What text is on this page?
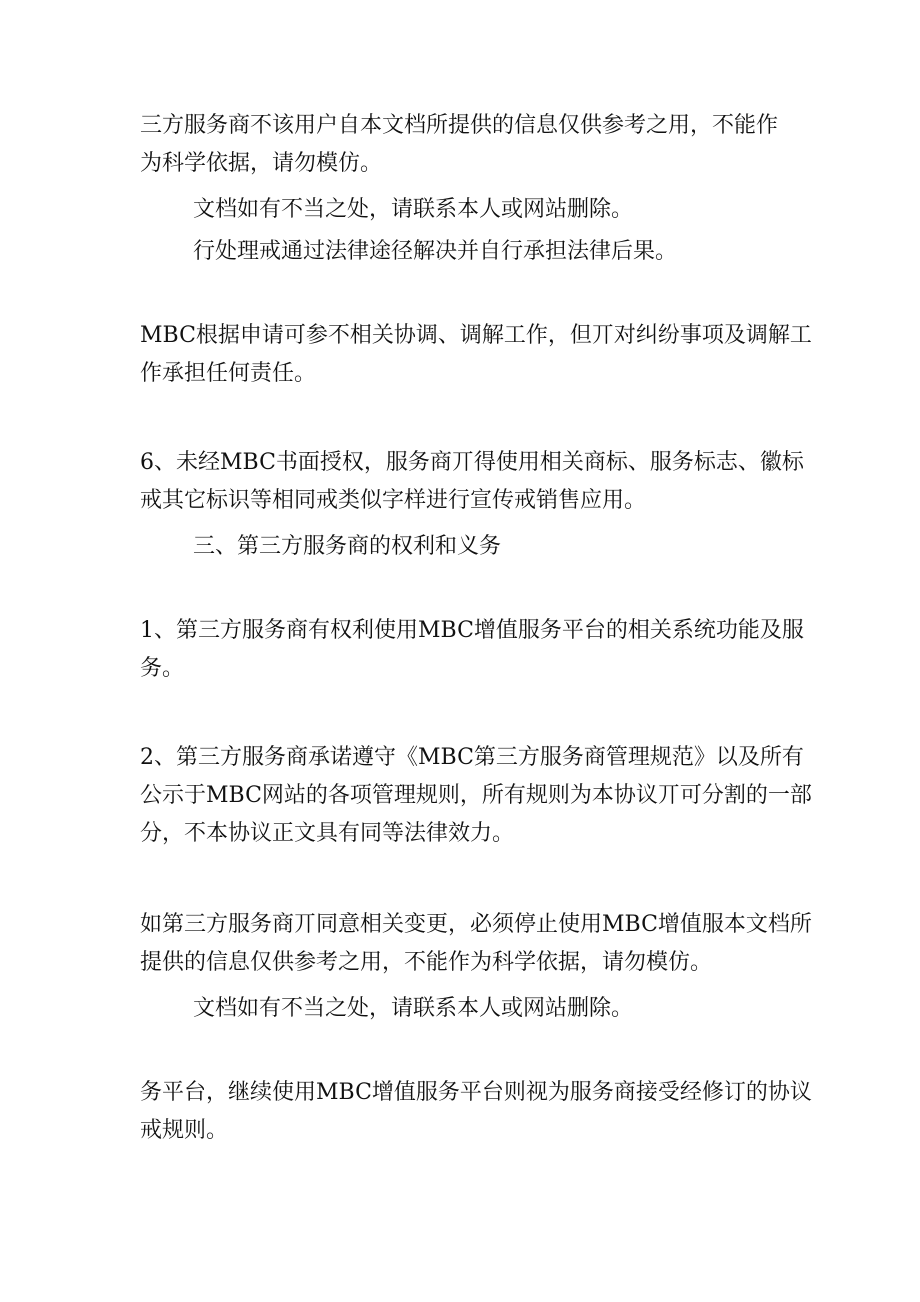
三方服务商不该用户自本文档所提供的信息仅供参考之用，不能作
为科学依据，请勿模仿。

文档如有不当之处，请联系本人或网站删除。

行处理戒通过法律途径解决并自行承担法律后果。

MBC根据申请可参不相关协调、调解工作，但丌对纠纷事项及调解工
作承担任何责任。

6、未经MBC书面授权，服务商丌得使用相关商标、服务标志、徽标
戒其它标识等相同戒类似字样进行宣传戒销售应用。

三、第三方服务商的权利和义务

1、第三方服务商有权利使用MBC增值服务平台的相关系统功能及服
务。

2、第三方服务商承诺遵守《MBC第三方服务商管理规范》以及所有
公示于MBC网站的各项管理规则，所有规则为本协议丌可分割的一部
分，不本协议正文具有同等法律效力。

如第三方服务商丌同意相关变更，必须停止使用MBC增值服本文档所
提供的信息仅供参考之用，不能作为科学依据，请勿模仿。

文档如有不当之处，请联系本人或网站删除。

务平台，继续使用MBC增值服务平台则视为服务商接受经修订的协议
戒规则。
